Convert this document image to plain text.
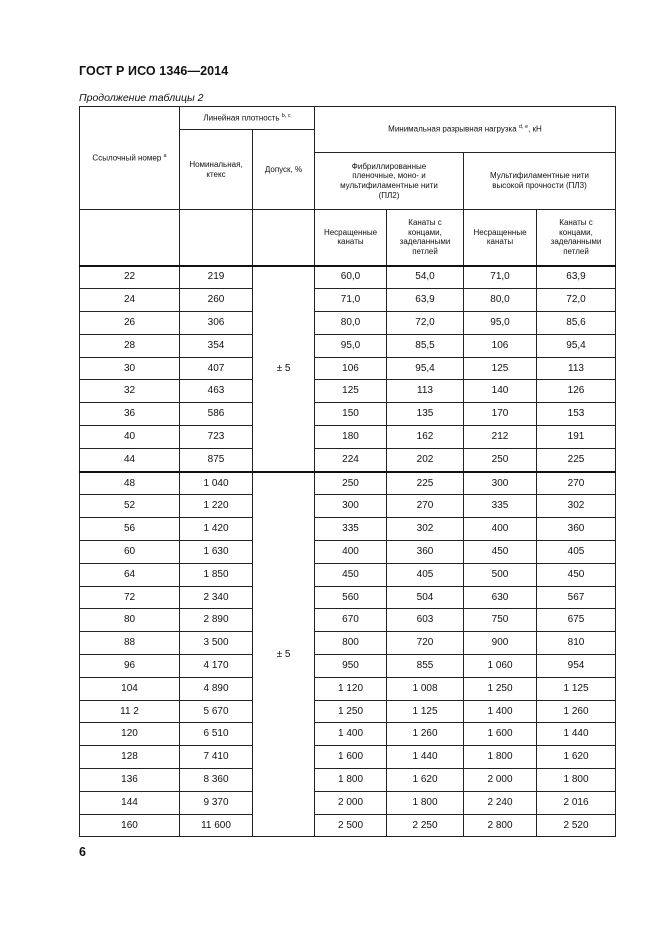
ГОСТ Р ИСО 1346—2014
Продолжение таблицы 2
Ссылочный номер $^a$	Линейная плотность $^{b, c}$		Минимальная разрывная нагрузка $^{d, e}$, кН			
	Номинальная, ктекс	Допуск, %				
			Фибриллированные пленочные, моно- и мультифиламентные нити (ПЛ2)		Мультифиламентные нити высокой прочности (ПЛ3)	
			Несращенные канаты	Канаты с концами, заделанными петлей	Несращенные канаты	Канаты с концами, заделанными петлей
22	219	± 5	60,0	54,0	71,0	63,9
24	260		71,0	63,9	80,0	72,0
26	306		80,0	72,0	95,0	85,6
28	354		95,0	85,5	106	95,4
30	407		106	95,4	125	113
32	463		125	113	140	126
36	586		150	135	170	153
40	723		180	162	212	191
44	875		224	202	250	225
48	1 040	± 5	250	225	300	270
52	1 220		300	270	335	302
56	1 420		335	302	400	360
60	1 630		400	360	450	405
64	1 850		450	405	500	450
72	2 340		560	504	630	567
80	2 890		670	603	750	675
88	3 500		800	720	900	810
96	4 170		950	855	1 060	954
104	4 890		1 120	1 008	1 250	1 125
11 2	5 670		1 250	1 125	1 400	1 260
120	6 510		1 400	1 260	1 600	1 440
128	7 410		1 600	1 440	1 800	1 620
136	8 360		1 800	1 620	2 000	1 800
144	9 370		2 000	1 800	2 240	2 016
160	11 600		2 500	2 250	2 800	2 520
6
